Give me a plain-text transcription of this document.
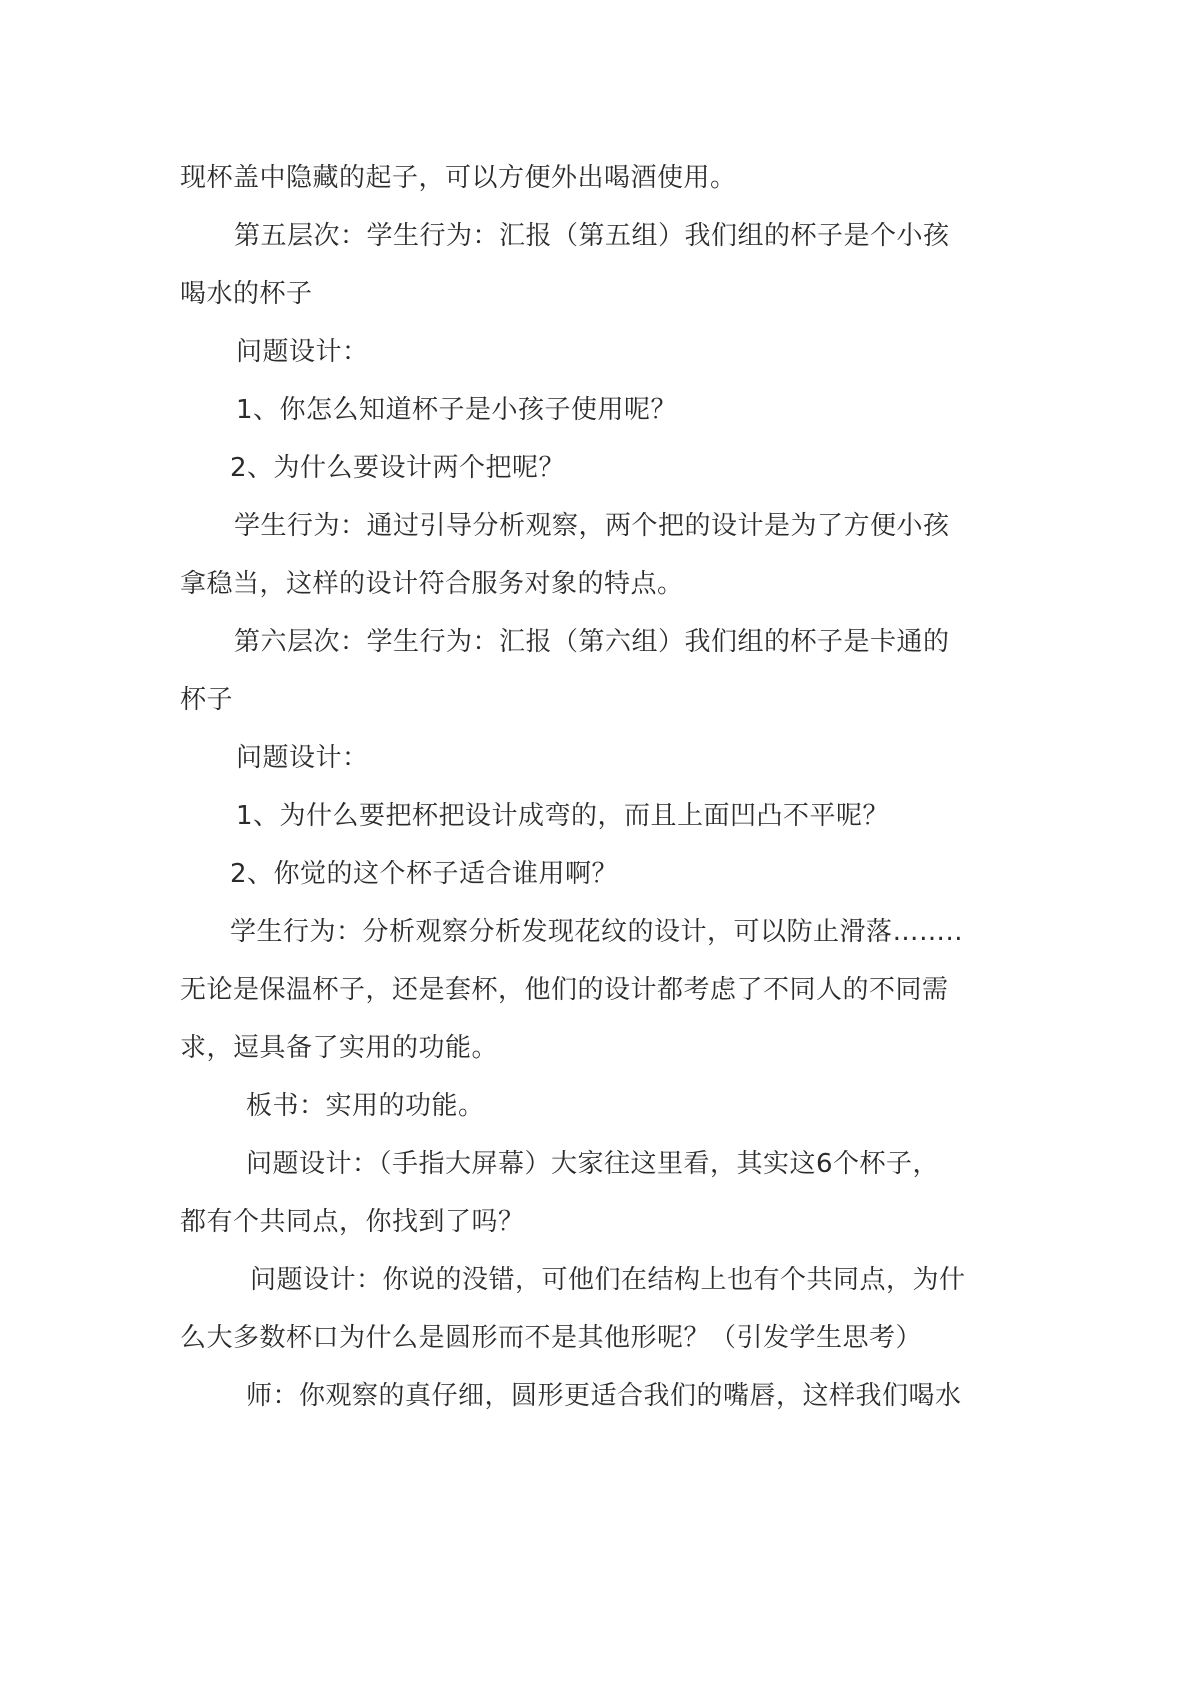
现杯盖中隐藏的起子，可以方便外出喝酒使用。

第五层次：学生行为：汇报（第五组）我们组的杯子是个小孩

喝水的杯子

问题设计：

1、你怎么知道杯子是小孩子使用呢？

2、为什么要设计两个把呢？

学生行为：通过引导分析观察，两个把的设计是为了方便小孩

拿稳当，这样的设计符合服务对象的特点。

第六层次：学生行为：汇报（第六组）我们组的杯子是卡通的

杯子

问题设计：

1、为什么要把杯把设计成弯的，而且上面凹凸不平呢？

2、你觉的这个杯子适合谁用啊？

学生行为：分析观察分析发现花纹的设计，可以防止滑落……..

无论是保温杯子，还是套杯，他们的设计都考虑了不同人的不同需

求，逗具备了实用的功能。

板书：实用的功能。

问题设计：（手指大屏幕）大家往这里看，其实这6个杯子，

都有个共同点，你找到了吗？

问题设计：你说的没错，可他们在结构上也有个共同点，为什

么大多数杯口为什么是圆形而不是其他形呢？（引发学生思考）

师：你观察的真仔细，圆形更适合我们的嘴唇，这样我们喝水
